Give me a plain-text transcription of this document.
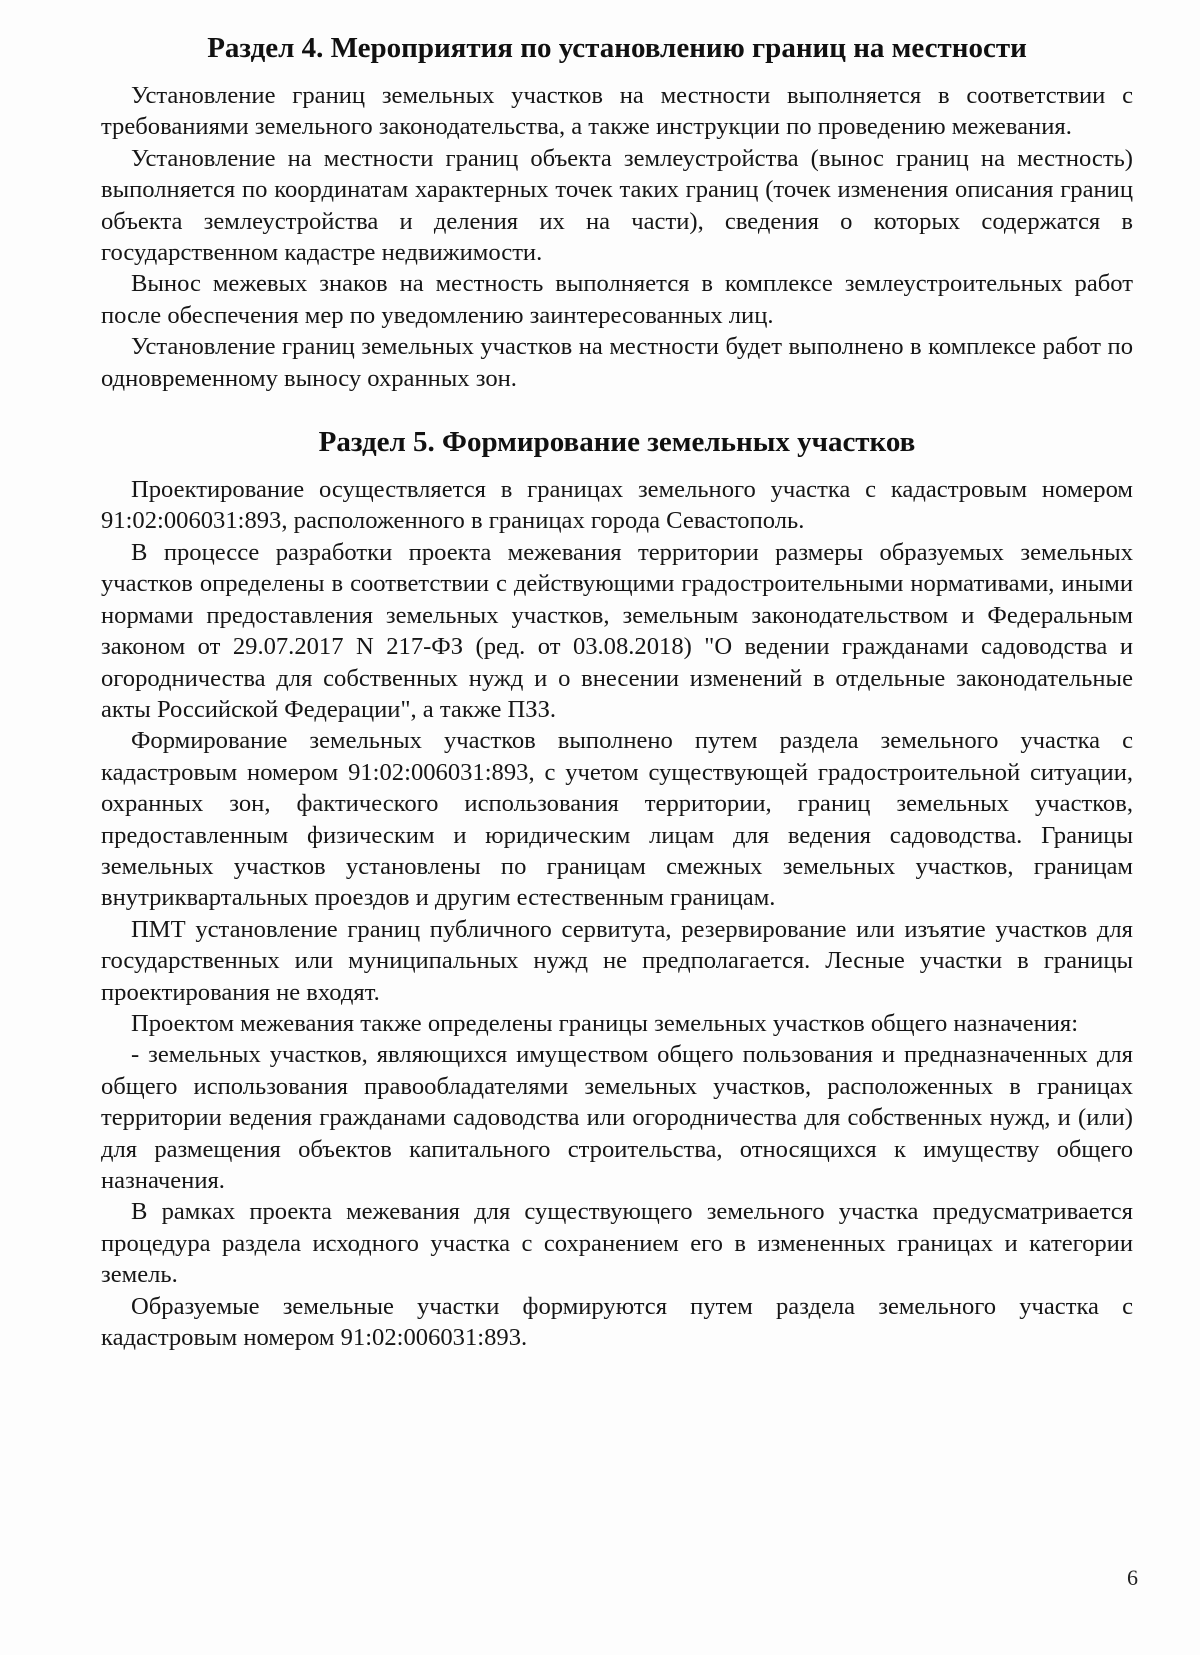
Раздел 4. Мероприятия по установлению границ на местности

Установление границ земельных участков на местности выполняется в соответствии с требованиями земельного законодательства, а также инструкции по проведению межевания.

Установление на местности границ объекта землеустройства (вынос границ на местность) выполняется по координатам характерных точек таких границ (точек изменения описания границ объекта землеустройства и деления их на части), сведения о которых содержатся в государственном кадастре недвижимости.

Вынос межевых знаков на местность выполняется в комплексе землеустроительных работ после обеспечения мер по уведомлению заинтересованных лиц.

Установление границ земельных участков на местности будет выполнено в комплексе работ по одновременному выносу охранных зон.

Раздел 5. Формирование земельных участков

Проектирование осуществляется в границах земельного участка с кадастровым номером 91:02:006031:893, расположенного в границах города Севастополь.

В процессе разработки проекта межевания территории размеры образуемых земельных участков определены в соответствии с действующими градостроительными нормативами, иными нормами предоставления земельных участков, земельным законодательством и Федеральным законом от 29.07.2017 N 217-ФЗ (ред. от 03.08.2018) "О ведении гражданами садоводства и огородничества для собственных нужд и о внесении изменений в отдельные законодательные акты Российской Федерации", а также ПЗЗ.

Формирование земельных участков выполнено путем раздела земельного участка с кадастровым номером 91:02:006031:893, с учетом существующей градостроительной ситуации, охранных зон, фактического использования территории, границ земельных участков, предоставленным физическим и юридическим лицам для ведения садоводства. Границы земельных участков установлены по границам смежных земельных участков, границам внутриквартальных проездов и другим естественным границам.

ПМТ установление границ публичного сервитута, резервирование или изъятие участков для государственных или муниципальных нужд не предполагается. Лесные участки в границы проектирования не входят.

Проектом межевания также определены границы земельных участков общего назначения:

- земельных участков, являющихся имуществом общего пользования и предназначенных для общего использования правообладателями земельных участков, расположенных в границах территории ведения гражданами садоводства или огородничества для собственных нужд, и (или) для размещения объектов капитального строительства, относящихся к имуществу общего назначения.

В рамках проекта межевания для существующего земельного участка предусматривается процедура раздела исходного участка с сохранением его в измененных границах и категории земель.

Образуемые земельные участки формируются путем раздела земельного участка с кадастровым номером 91:02:006031:893.

6
